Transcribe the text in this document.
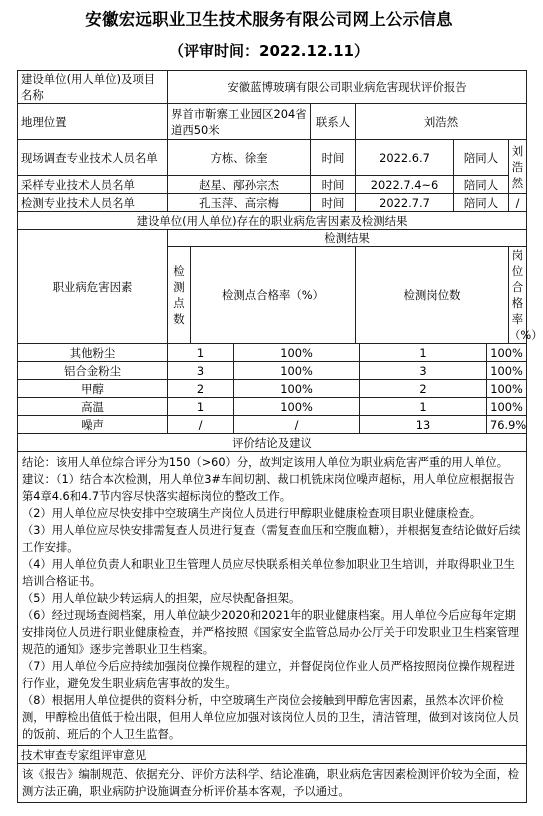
安徽宏远职业卫生技术服务有限公司网上公示信息
（评审时间：2022.12.11）
建设单位(用人单位)及项目名称	安徽蓝博玻璃有限公司职业病危害现状评价报告					
地理位置	界首市靳寨工业园区204省道西50米		联系人	刘浩然		
现场调查专业技术人员名单	方栋、徐奎		时间	2022.6.7	陪同人	刘浩然
采样专业技术人员名单	赵星、邴孙宗杰		时间	2022.7.4~6	陪同人	
检测专业技术人员名单	孔玉萍、高宗梅		时间	2022.7.7	陪同人	/
建设单位(用人单位)存在的职业病危害因素及检测结果						
职业病危害因素	检测结果					
	检测点数	检测点合格率（%）		检测岗位数		岗位合格率（%）
其他粉尘	1	100%	1	100%
铝合金粉尘	3	100%	3	100%
甲醇	2	100%	2	100%
高温	1	100%	1	100%
噪声	/	/	13	76.9%
评价结论及建议

结论：该用人单位综合评分为150（>60）分，故判定该用人单位为职业病危害严重的用人单位。
建议：（1）结合本次检测，用人单位3#车间切割、裁口机铣床岗位噪声超标，用人单位应根据报告第4章4.6和4.7节内容尽快落实超标岗位的整改工作。
（2）用人单位应尽快安排中空玻璃生产岗位人员进行甲醇职业健康检查项目职业健康检查。
（3）用人单位应尽快安排需复查人员进行复查（需复查血压和空腹血糖），并根据复查结论做好后续工作安排。
（4）用人单位负责人和职业卫生管理人员应尽快联系相关单位参加职业卫生培训，并取得职业卫生培训合格证书。
（5）用人单位缺少转运病人的担架，应尽快配备担架。
（6）经过现场查阅档案，用人单位缺少2020和2021年的职业健康档案。用人单位今后应每年定期安排岗位人员进行职业健康检查，并严格按照《国家安全监管总局办公厅关于印发职业卫生档案管理规范的通知》逐步完善职业卫生档案。
（7）用人单位今后应持续加强岗位操作规程的建立，并督促岗位作业人员严格按照岗位操作规程进行作业，避免发生职业病危害事故的发生。
（8）根据用人单位提供的资料分析，中空玻璃生产岗位会接触到甲醇危害因素，虽然本次评价检测，甲醇检出值低于检出限，但用人单位应加强对该岗位人员的卫生，清洁管理，做到对该岗位人员的饭前、班后的个人卫生监督。

技术审查专家组评审意见
该《报告》编制规范、依据充分、评价方法科学、结论准确，职业病危害因素检测评价较为全面，检测方法正确，职业病防护设施调查分析评价基本客观，予以通过。
